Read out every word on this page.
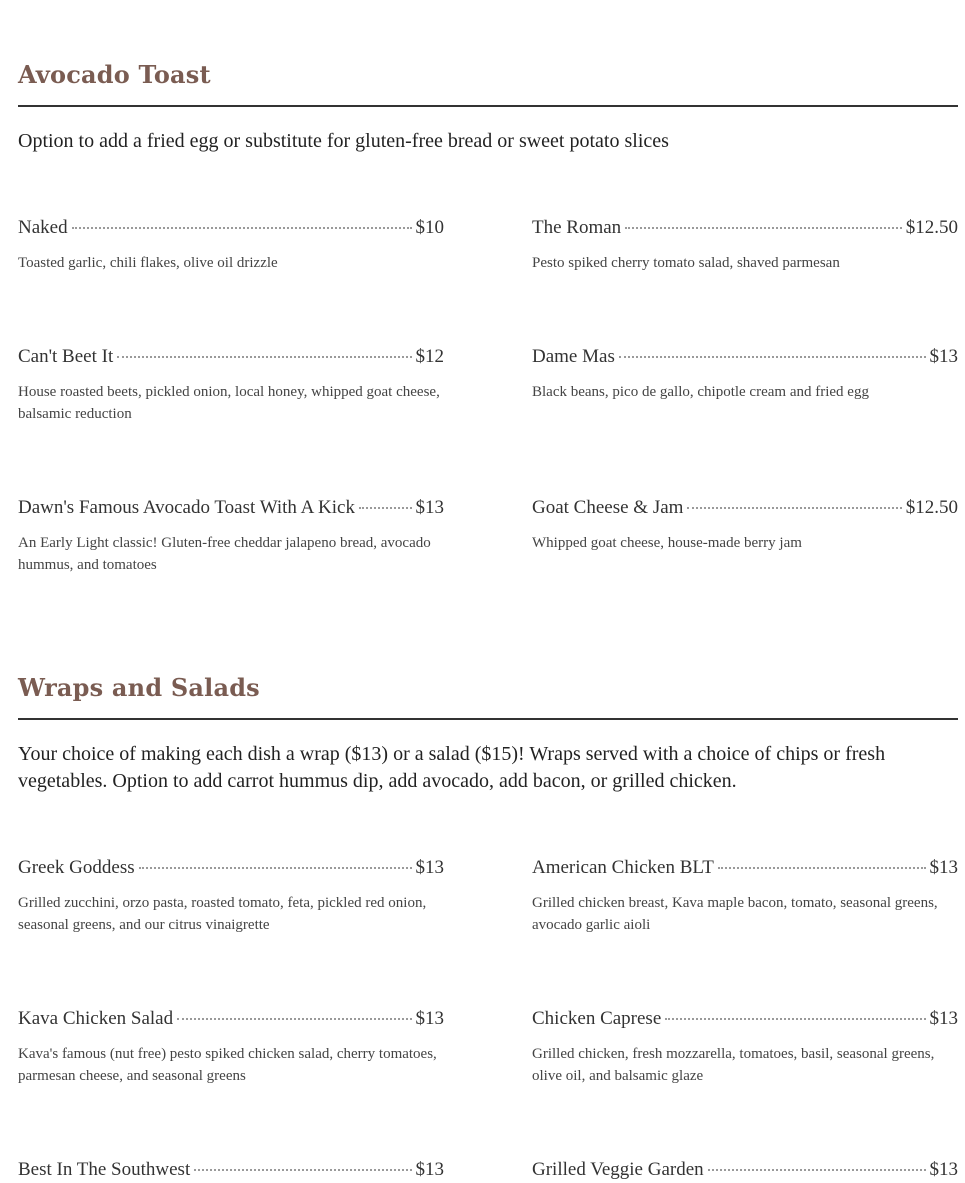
Avocado Toast

Option to add a fried egg or substitute for gluten-free bread or sweet potato slices

Naked	$10
Toasted garlic, chili flakes, olive oil drizzle
The Roman	$12.50
Pesto spiked cherry tomato salad, shaved parmesan
Can't Beet It	$12
House roasted beets, pickled onion, local honey, whipped goat cheese, balsamic reduction
Dame Mas	$13
Black beans, pico de gallo, chipotle cream and fried egg
Dawn's Famous Avocado Toast With A Kick	$13
An Early Light classic! Gluten-free cheddar jalapeno bread, avocado hummus, and tomatoes
Goat Cheese & Jam	$12.50
Whipped goat cheese, house-made berry jam
Wraps and Salads

Your choice of making each dish a wrap ($13) or a salad ($15)! Wraps served with a choice of chips or fresh vegetables. Option to add carrot hummus dip, add avocado, add bacon, or grilled chicken.

Greek Goddess	$13
Grilled zucchini, orzo pasta, roasted tomato, feta, pickled red onion, seasonal greens, and our citrus vinaigrette
American Chicken BLT	$13
Grilled chicken breast, Kava maple bacon, tomato, seasonal greens, avocado garlic aioli
Kava Chicken Salad	$13
Kava's famous (nut free) pesto spiked chicken salad, cherry tomatoes, parmesan cheese, and seasonal greens
Chicken Caprese	$13
Grilled chicken, fresh mozzarella, tomatoes, basil, seasonal greens, olive oil, and balsamic glaze
Best In The Southwest	$13	Grilled Veggie Garden	$13
